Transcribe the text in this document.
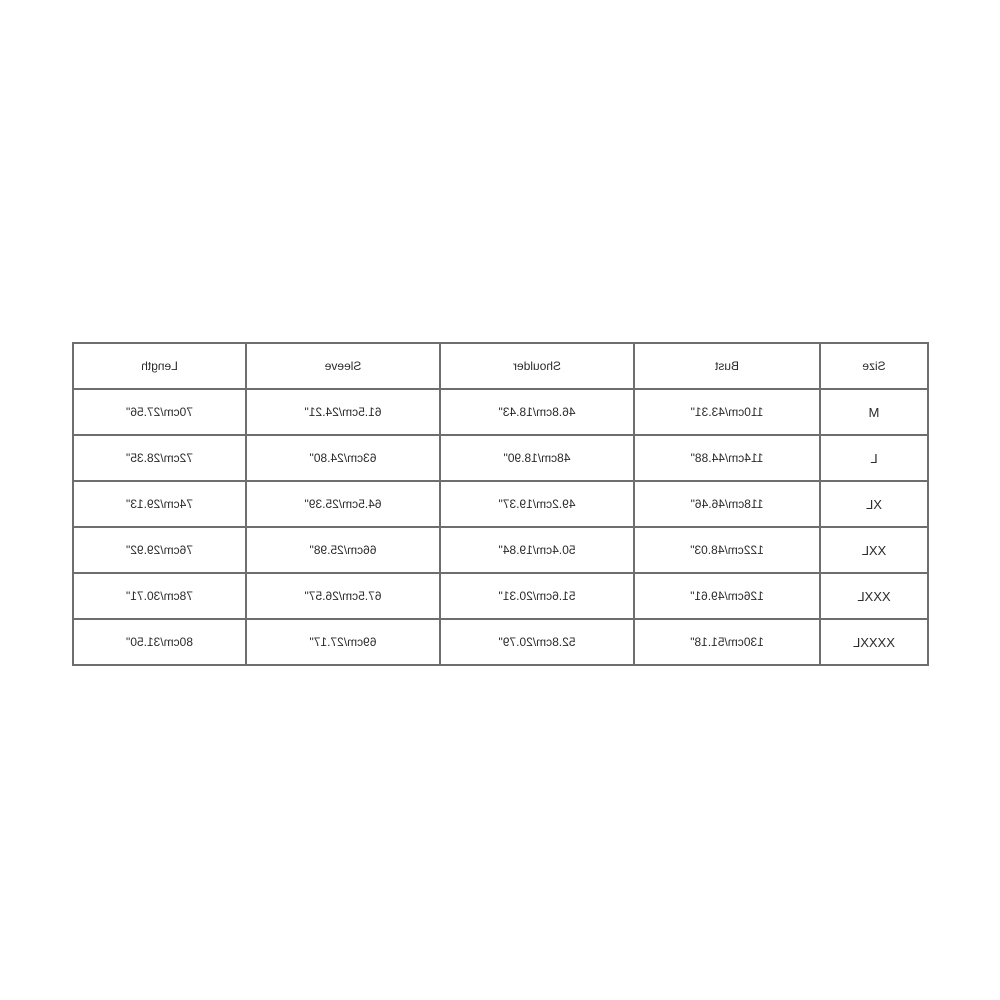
Size	Bust	Shoulder	Sleeve	Length
M	110cm/43.31"	46.8cm/18.43"	61.5cm/24.21"	70cm/27.56"
L	114cm/44.88"	48cm/18.90"	63cm/24.80"	72cm/28.35"
XL	118cm/46.46"	49.2cm/19.37"	64.5cm/25.39"	74cm/29.13"
XXL	122cm/48.03"	50.4cm/19.84"	66cm/25.98"	76cm/29.92"
XXXL	126cm/49.61"	51.6cm/20.31"	67.5cm/26.57"	78cm/30.71"
XXXXL	130cm/51.18"	52.8cm/20.79"	69cm/27.17"	80cm/31.50"
